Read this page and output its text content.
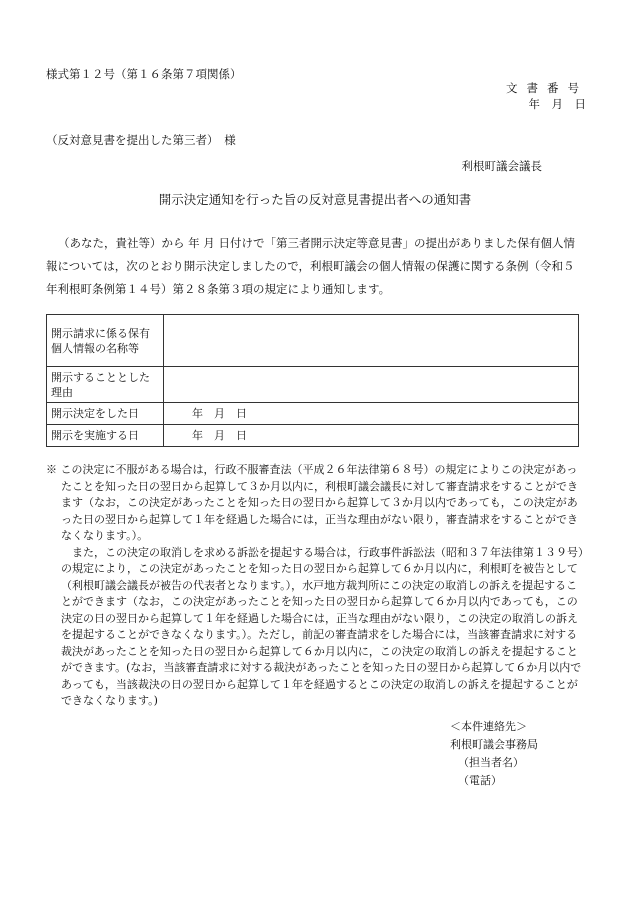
様式第１２号（第１６条第７項関係）
文書番号
年　月　日
（反対意見書を提出した第三者）　様
利根町議会議長
開示決定通知を行った旨の反対意見書提出者への通知書
（あなた，貴社等）から 年 月 日付けで「第三者開示決定等意見書」の提出がありました保有個人情報については，次のとおり開示決定しましたので，利根町議会の個人情報の保護に関する条例（令和５年利根町条例第１４号）第２８条第３項の規定により通知します。
開示請求に係る保有個人情報の名称等	
開示することとした理由	
開示決定をした日	年　月　日
開示を実施する日	年　月　日

※ この決定に不服がある場合は，行政不服審査法（平成２６年法律第６８号）の規定によりこの決定があったことを知った日の翌日から起算して３か月以内に，利根町議会議長に対して審査請求をすることができます（なお，この決定があったことを知った日の翌日から起算して３か月以内であっても，この決定があった日の翌日から起算して１年を経過した場合には，正当な理由がない限り，審査請求をすることができなくなります。）。

また，この決定の取消しを求める訴訟を提起する場合は，行政事件訴訟法（昭和３７年法律第１３９号）の規定により，この決定があったことを知った日の翌日から起算して６か月以内に，利根町を被告として（利根町議会議長が被告の代表者となります。），水戸地方裁判所にこの決定の取消しの訴えを提起することができます（なお，この決定があったことを知った日の翌日から起算して６か月以内であっても，この決定の日の翌日から起算して１年を経過した場合には，正当な理由がない限り，この決定の取消しの訴えを提起することができなくなります。）。ただし，前記の審査請求をした場合には，当該審査請求に対する裁決があったことを知った日の翌日から起算して６か月以内に，この決定の取消しの訴えを提起することができます。(なお，当該審査請求に対する裁決があったことを知った日の翌日から起算して６か月以内であっても，当該裁決の日の翌日から起算して１年を経過するとこの決定の取消しの訴えを提起することができなくなります。)

＜本件連絡先＞
利根町議会事務局
（担当者名）
（電話）
